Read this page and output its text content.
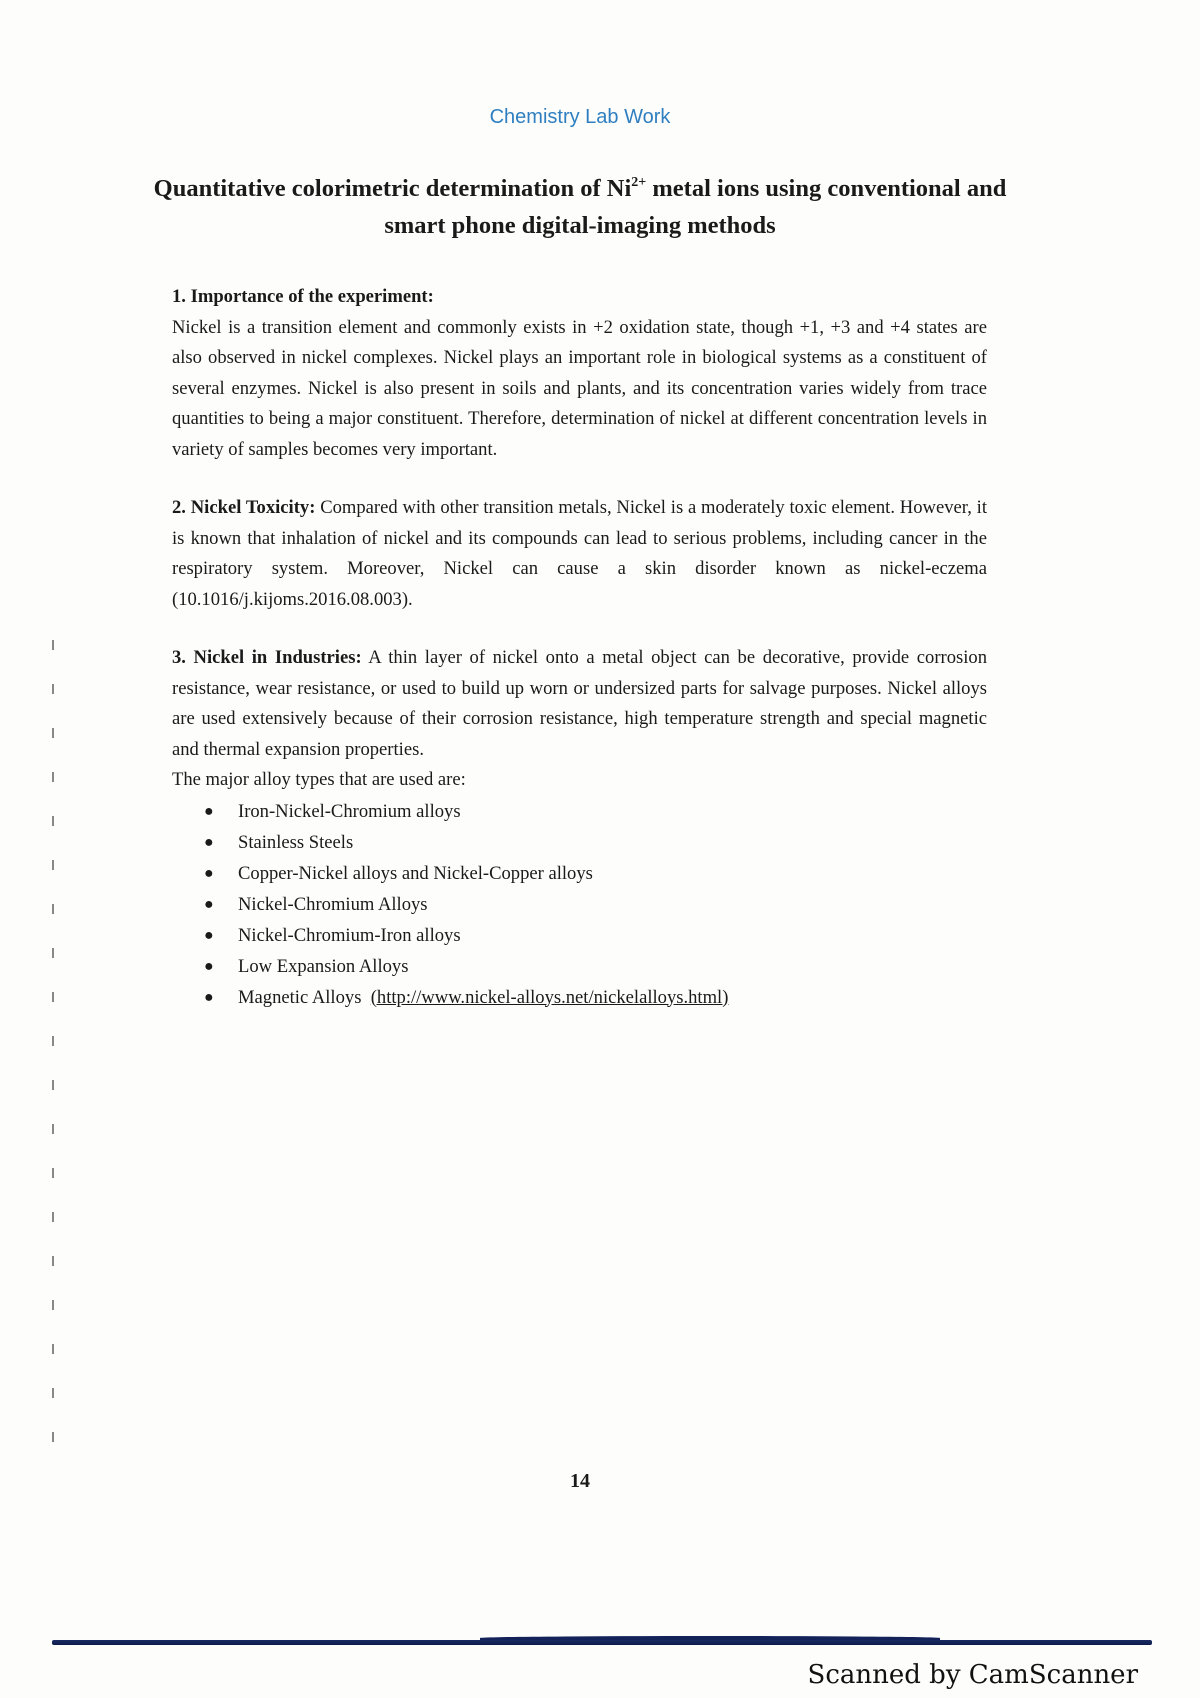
Chemistry Lab Work
Quantitative colorimetric determination of $Ni^{2+}$ metal ions using conventional and smart phone digital-imaging methods

1. Importance of the experiment:

Nickel is a transition element and commonly exists in +2 oxidation state, though +1, +3 and +4 states are also observed in nickel complexes. Nickel plays an important role in biological systems as a constituent of several enzymes. Nickel is also present in soils and plants, and its concentration varies widely from trace quantities to being a major constituent. Therefore, determination of nickel at different concentration levels in variety of samples becomes very important.

2. Nickel Toxicity: Compared with other transition metals, Nickel is a moderately toxic element. However, it is known that inhalation of nickel and its compounds can lead to serious problems, including cancer in the respiratory system. Moreover, Nickel can cause a skin disorder known as nickel-eczema (10.1016/j.kijoms.2016.08.003).

3. Nickel in Industries: A thin layer of nickel onto a metal object can be decorative, provide corrosion resistance, wear resistance, or used to build up worn or undersized parts for salvage purposes. Nickel alloys are used extensively because of their corrosion resistance, high temperature strength and special magnetic and thermal expansion properties.

The major alloy types that are used are:

● Iron-Nickel-Chromium alloys
● Stainless Steels
● Copper-Nickel alloys and Nickel-Copper alloys
● Nickel-Chromium Alloys
● Nickel-Chromium-Iron alloys
● Low Expansion Alloys
● Magnetic Alloys (http://www.nickel-alloys.net/nickelalloys.html)
14
Scanned by CamScanner
